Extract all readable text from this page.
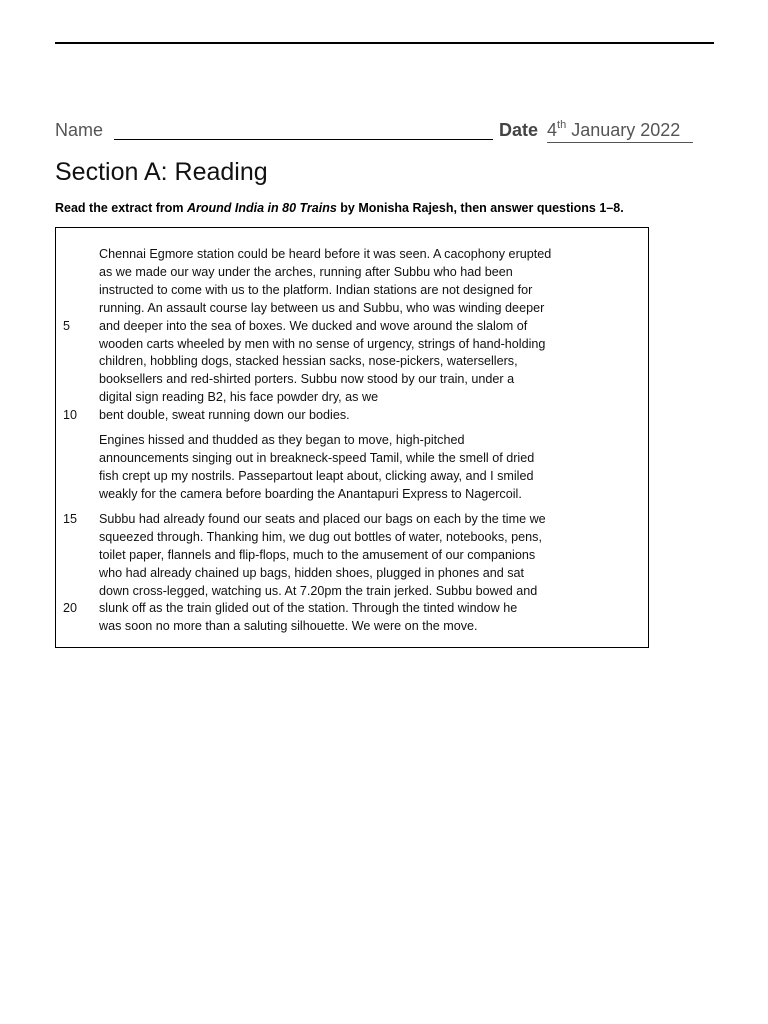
Name	Date 4th January 2022
Section A: Reading
Read the extract from Around India in 80 Trains by Monisha Rajesh, then answer questions 1–8.
Chennai Egmore station could be heard before it was seen. A cacophony erupted
as we made our way under the arches, running after Subbu who had been
instructed to come with us to the platform. Indian stations are not designed for
running. An assault course lay between us and Subbu, who was winding deeper
and deeper into the sea of boxes. We ducked and wove around the slalom of
wooden carts wheeled by men with no sense of urgency, strings of hand-holding
children, hobbling dogs, stacked hessian sacks, nose-pickers, watersellers,
booksellers and red-shirted porters. Subbu now stood by our train, under a
digital sign reading B2, his face powder dry, as we
bent double, sweat running down our bodies.
Engines hissed and thudded as they began to move, high-pitched
announcements singing out in breakneck-speed Tamil, while the smell of dried
fish crept up my nostrils. Passepartout leapt about, clicking away, and I smiled
weakly for the camera before boarding the Anantapuri Express to Nagercoil.
Subbu had already found our seats and placed our bags on each by the time we
squeezed through. Thanking him, we dug out bottles of water, notebooks, pens,
toilet paper, flannels and flip-flops, much to the amusement of our companions
who had already chained up bags, hidden shoes, plugged in phones and sat
down cross-legged, watching us. At 7.20pm the train jerked. Subbu bowed and
slunk off as the train glided out of the station. Through the tinted window he
was soon no more than a saluting silhouette. We were on the move.
5
10
15
20
